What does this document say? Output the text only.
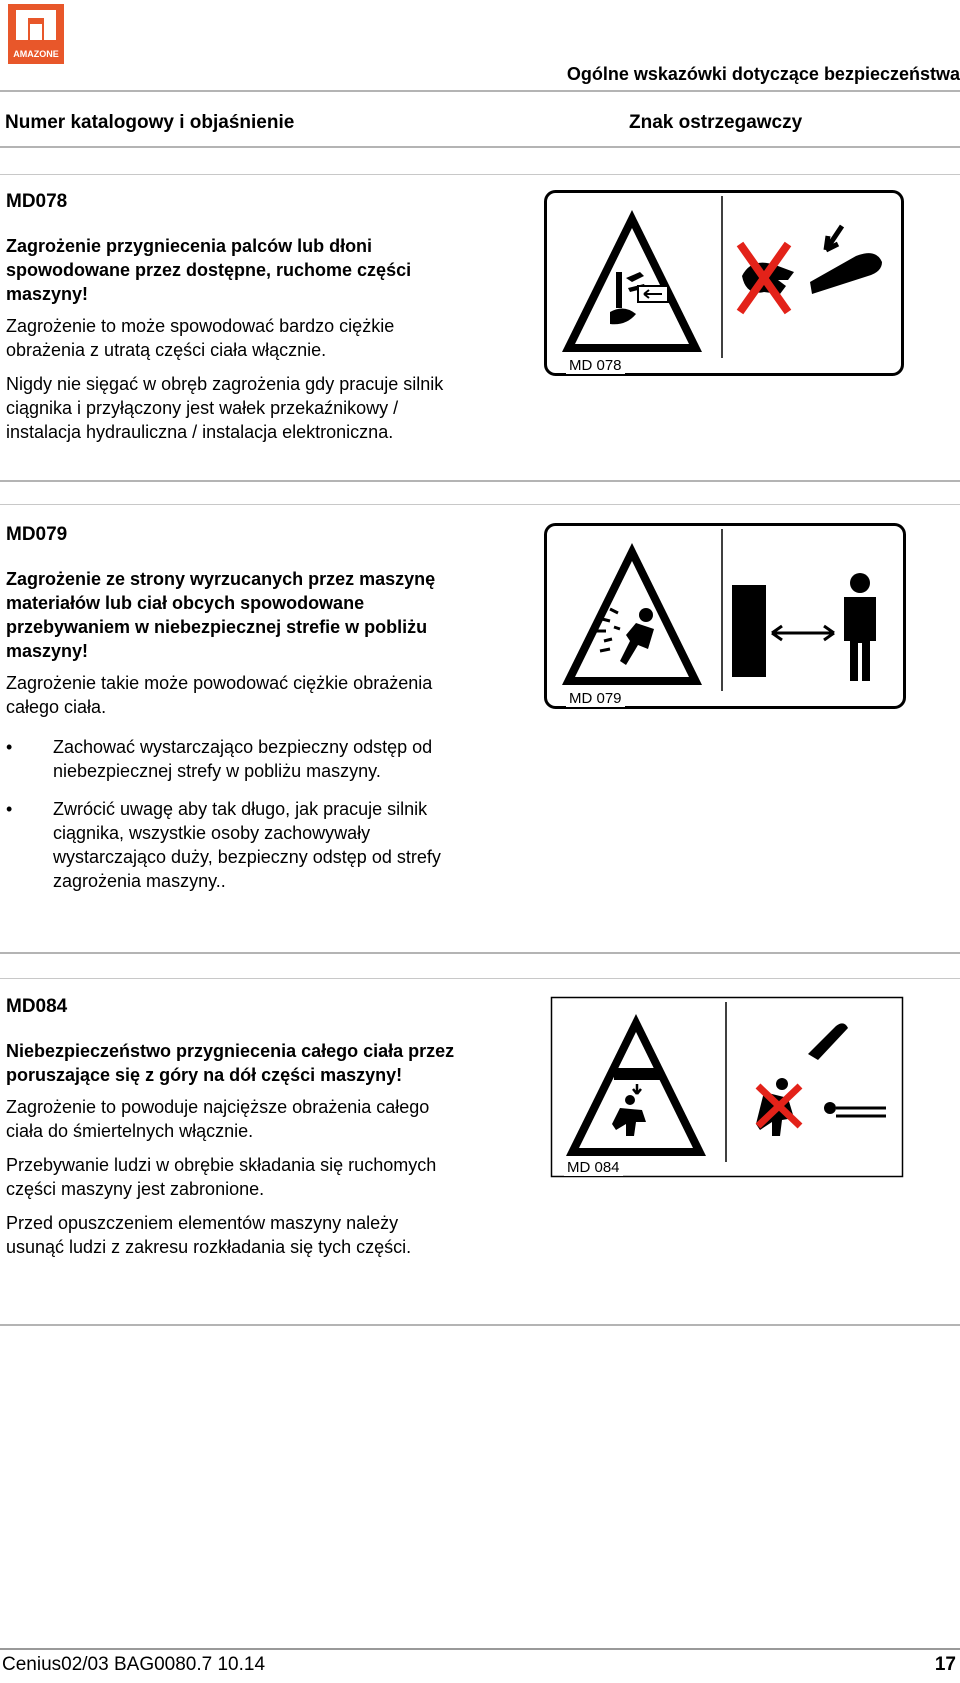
AMAZONE
Ogólne wskazówki dotyczące bezpieczeństwa
Numer katalogowy i objaśnienie	Znak ostrzegawczy

MD078

Zagrożenie przygniecenia palców lub dłoni spowodowane przez dostępne, ruchome części maszyny!

Zagrożenie to może spowodować bardzo ciężkie obrażenia z utratą części ciała włącznie.

Nigdy nie sięgać w obręb zagrożenia gdy pracuje silnik ciągnika i przyłączony jest wałek przekaźnikowy / instalacja hydrauliczna / instalacja elektroniczna.

MD 078

MD079

Zagrożenie ze strony wyrzucanych przez maszynę materiałów lub ciał obcych spowodowane przebywaniem w niebezpiecznej strefie w pobliżu maszyny!

Zagrożenie takie może powodować ciężkie obrażenia całego ciała.

• Zachować wystarczająco bezpieczny odstęp od niebezpiecznej strefy w pobliżu maszyny.
• Zwrócić uwagę aby tak długo, jak pracuje silnik ciągnika, wszystkie osoby zachowywały wystarczająco duży, bezpieczny odstęp od strefy zagrożenia maszyny..
MD 079

MD084

Niebezpieczeństwo przygniecenia całego ciała przez poruszające się z góry na dół części maszyny!

Zagrożenie to powoduje najcięższe obrażenia całego ciała do śmiertelnych włącznie.

Przebywanie ludzi w obrębie składania się ruchomych części maszyny jest zabronione.

Przed opuszczeniem elementów maszyny należy usunąć ludzi z zakresu rozkładania się tych części.

MD 084
Cenius02/03 BAG0080.7 10.14	17
